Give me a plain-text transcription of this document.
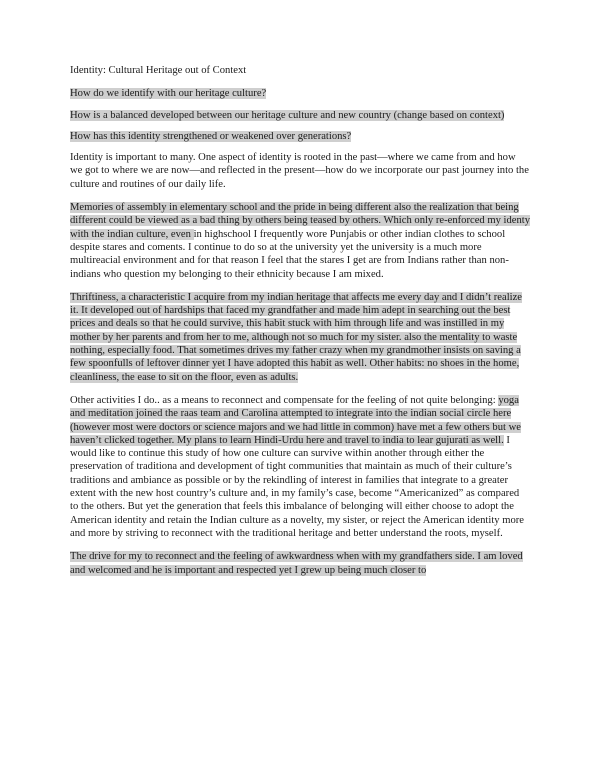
Identity: Cultural Heritage out of Context

How do we identify with our heritage culture?

How is a balanced developed between our heritage culture and new country (change based on context)

How has this identity strengthened or weakened over generations?

Identity is important to many. One aspect of identity is rooted in the past—where we came from and how we got to where we are now—and reflected in the present—how do we incorporate our past journey into the culture and routines of our daily life.

Memories of assembly in elementary school and the pride in being different also the realization that being different could be viewed as a bad thing by others being teased by others. Which only re-enforced my identy with the indian culture, even in highschool I frequently wore Punjabis or other indian clothes to school despite stares and coments. I continue to do so at the university yet the university is a much more multireacial environment and for that reason I feel that the stares I get are from Indians rather than non-indians who question my belonging to their ethnicity because I am mixed.

Thriftiness, a characteristic I acquire from my indian heritage that affects me every day and I didn’t realize it. It developed out of hardships that faced my grandfather and made him adept in searching out the best prices and deals so that he could survive, this habit stuck with him through life and was instilled in my mother by her parents and from her to me, although not so much for my sister. also the mentality to waste nothing, especially food. That sometimes drives my father crazy when my grandmother insists on saving a few spoonfulls of leftover dinner yet I have adopted this habit as well. Other habits: no shoes in the home, cleanliness, the ease to sit on the floor, even as adults.

Other activities I do.. as a means to reconnect and compensate for the feeling of not quite belonging: yoga and meditation joined the raas team and Carolina attempted to integrate into the indian social circle here (however most were doctors or science majors and we had little in common) have met a few others but we haven’t clicked together. My plans to learn Hindi-Urdu here and travel to india to lear gujurati as well. I would like to continue this study of how one culture can survive within another through either the preservation of traditiona and development of tight communities that maintain as much of their culture’s traditions and ambiance as possible or by the rekindling of interest in families that integrate to a greater extent with the new host country’s culture and, in my family’s case, become “Americanized” as compared to the others. But yet the generation that feels this imbalance of belonging will either choose to adopt the American identity and retain the Indian culture as a novelty, my sister, or reject the American identity more and more by striving to reconnect with the traditional heritage and better understand the roots, myself.

The drive for my to reconnect and the feeling of awkwardness when with my grandfathers side. I am loved and welcomed and he is important and respected yet I grew up being much closer to
